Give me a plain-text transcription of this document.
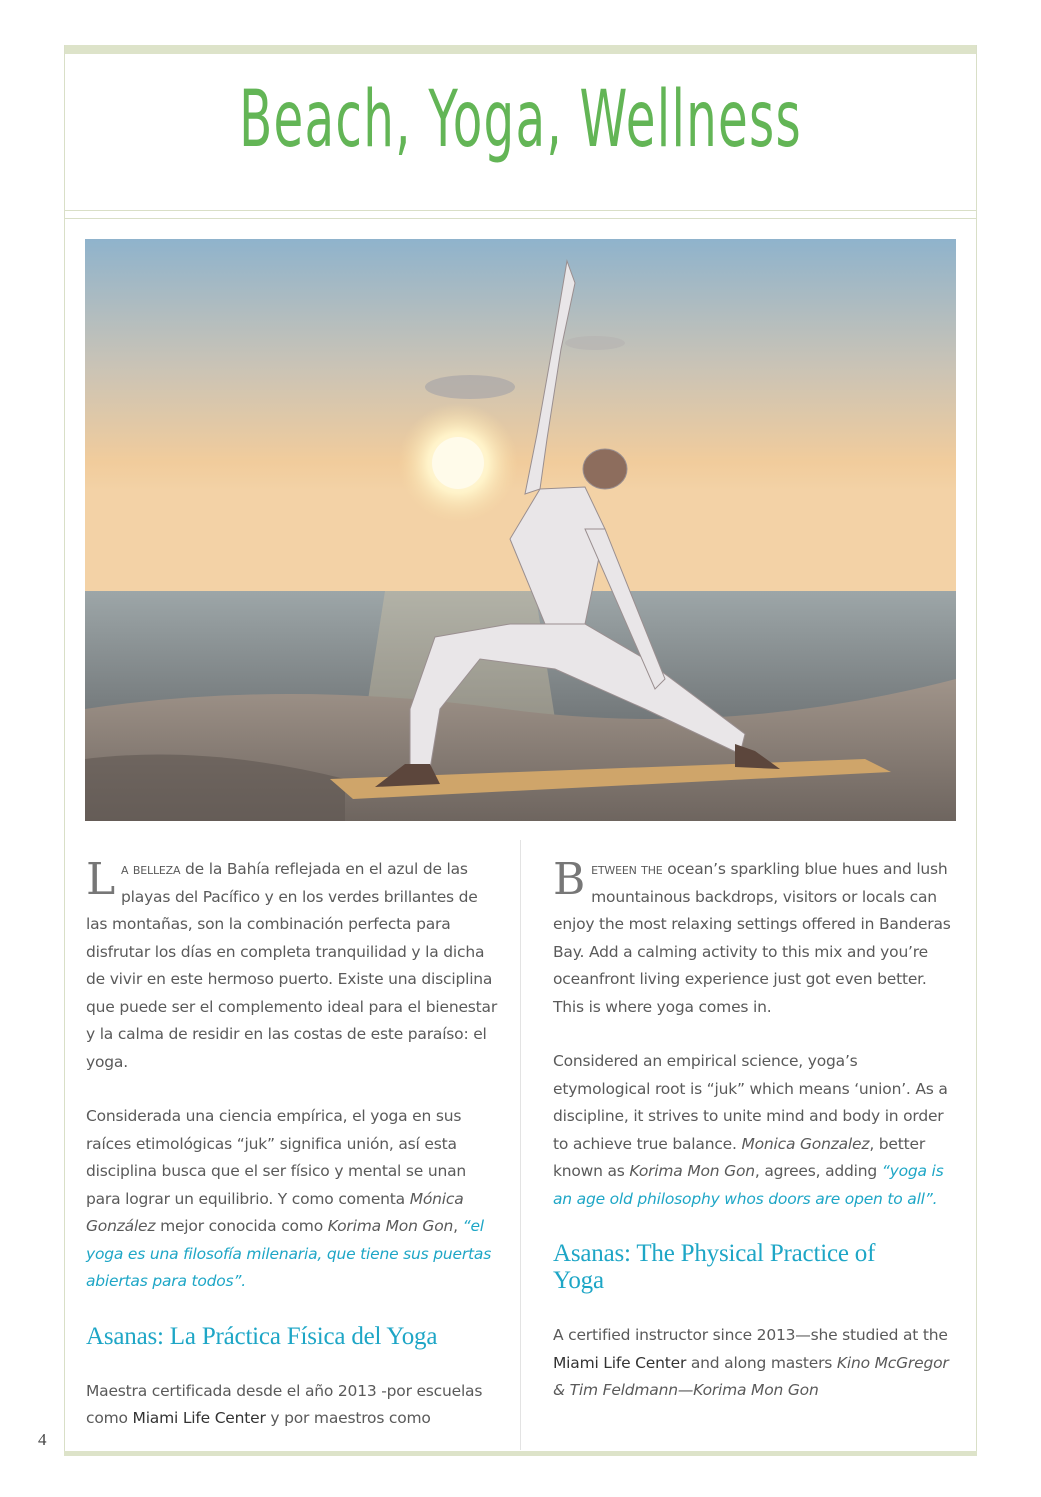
Beach, Yoga, Wellness

La belleza de la Bahía reflejada en el azul de las playas del Pacífico y en los verdes brillantes de las montañas, son la combinación perfecta para disfrutar los días en completa tranquilidad y la dicha de vivir en este hermoso puerto. Existe una disciplina que puede ser el complemento ideal para el bienestar y la calma de residir en las costas de este paraíso: el yoga.

Considerada una ciencia empírica, el yoga en sus raíces etimológicas “juk” significa unión, así esta disciplina busca que el ser físico y mental se unan para lograr un equilibrio. Y como comenta Mónica González mejor conocida como Korima Mon Gon, “el yoga es una filosofía milenaria, que tiene sus puertas abiertas para todos”.

Asanas: La Práctica Física del Yoga

Maestra certificada desde el año 2013 -por escuelas como Miami Life Center y por maestros como

Between the ocean’s sparkling blue hues and lush mountainous backdrops, visitors or locals can enjoy the most relaxing settings offered in Banderas Bay. Add a calming activity to this mix and you’re oceanfront living experience just got even better. This is where yoga comes in.

Considered an empirical science, yoga’s etymological root is “juk” which means ‘union’. As a discipline, it strives to unite mind and body in order to achieve true balance. Monica Gonzalez, better known as Korima Mon Gon, agrees, adding “yoga is an age old philosophy whos doors are open to all”.

Asanas: The Physical Practice of Yoga

A certified instructor since 2013—she studied at the Miami Life Center and along masters Kino McGregor & Tim Feldmann—Korima Mon Gon

4
